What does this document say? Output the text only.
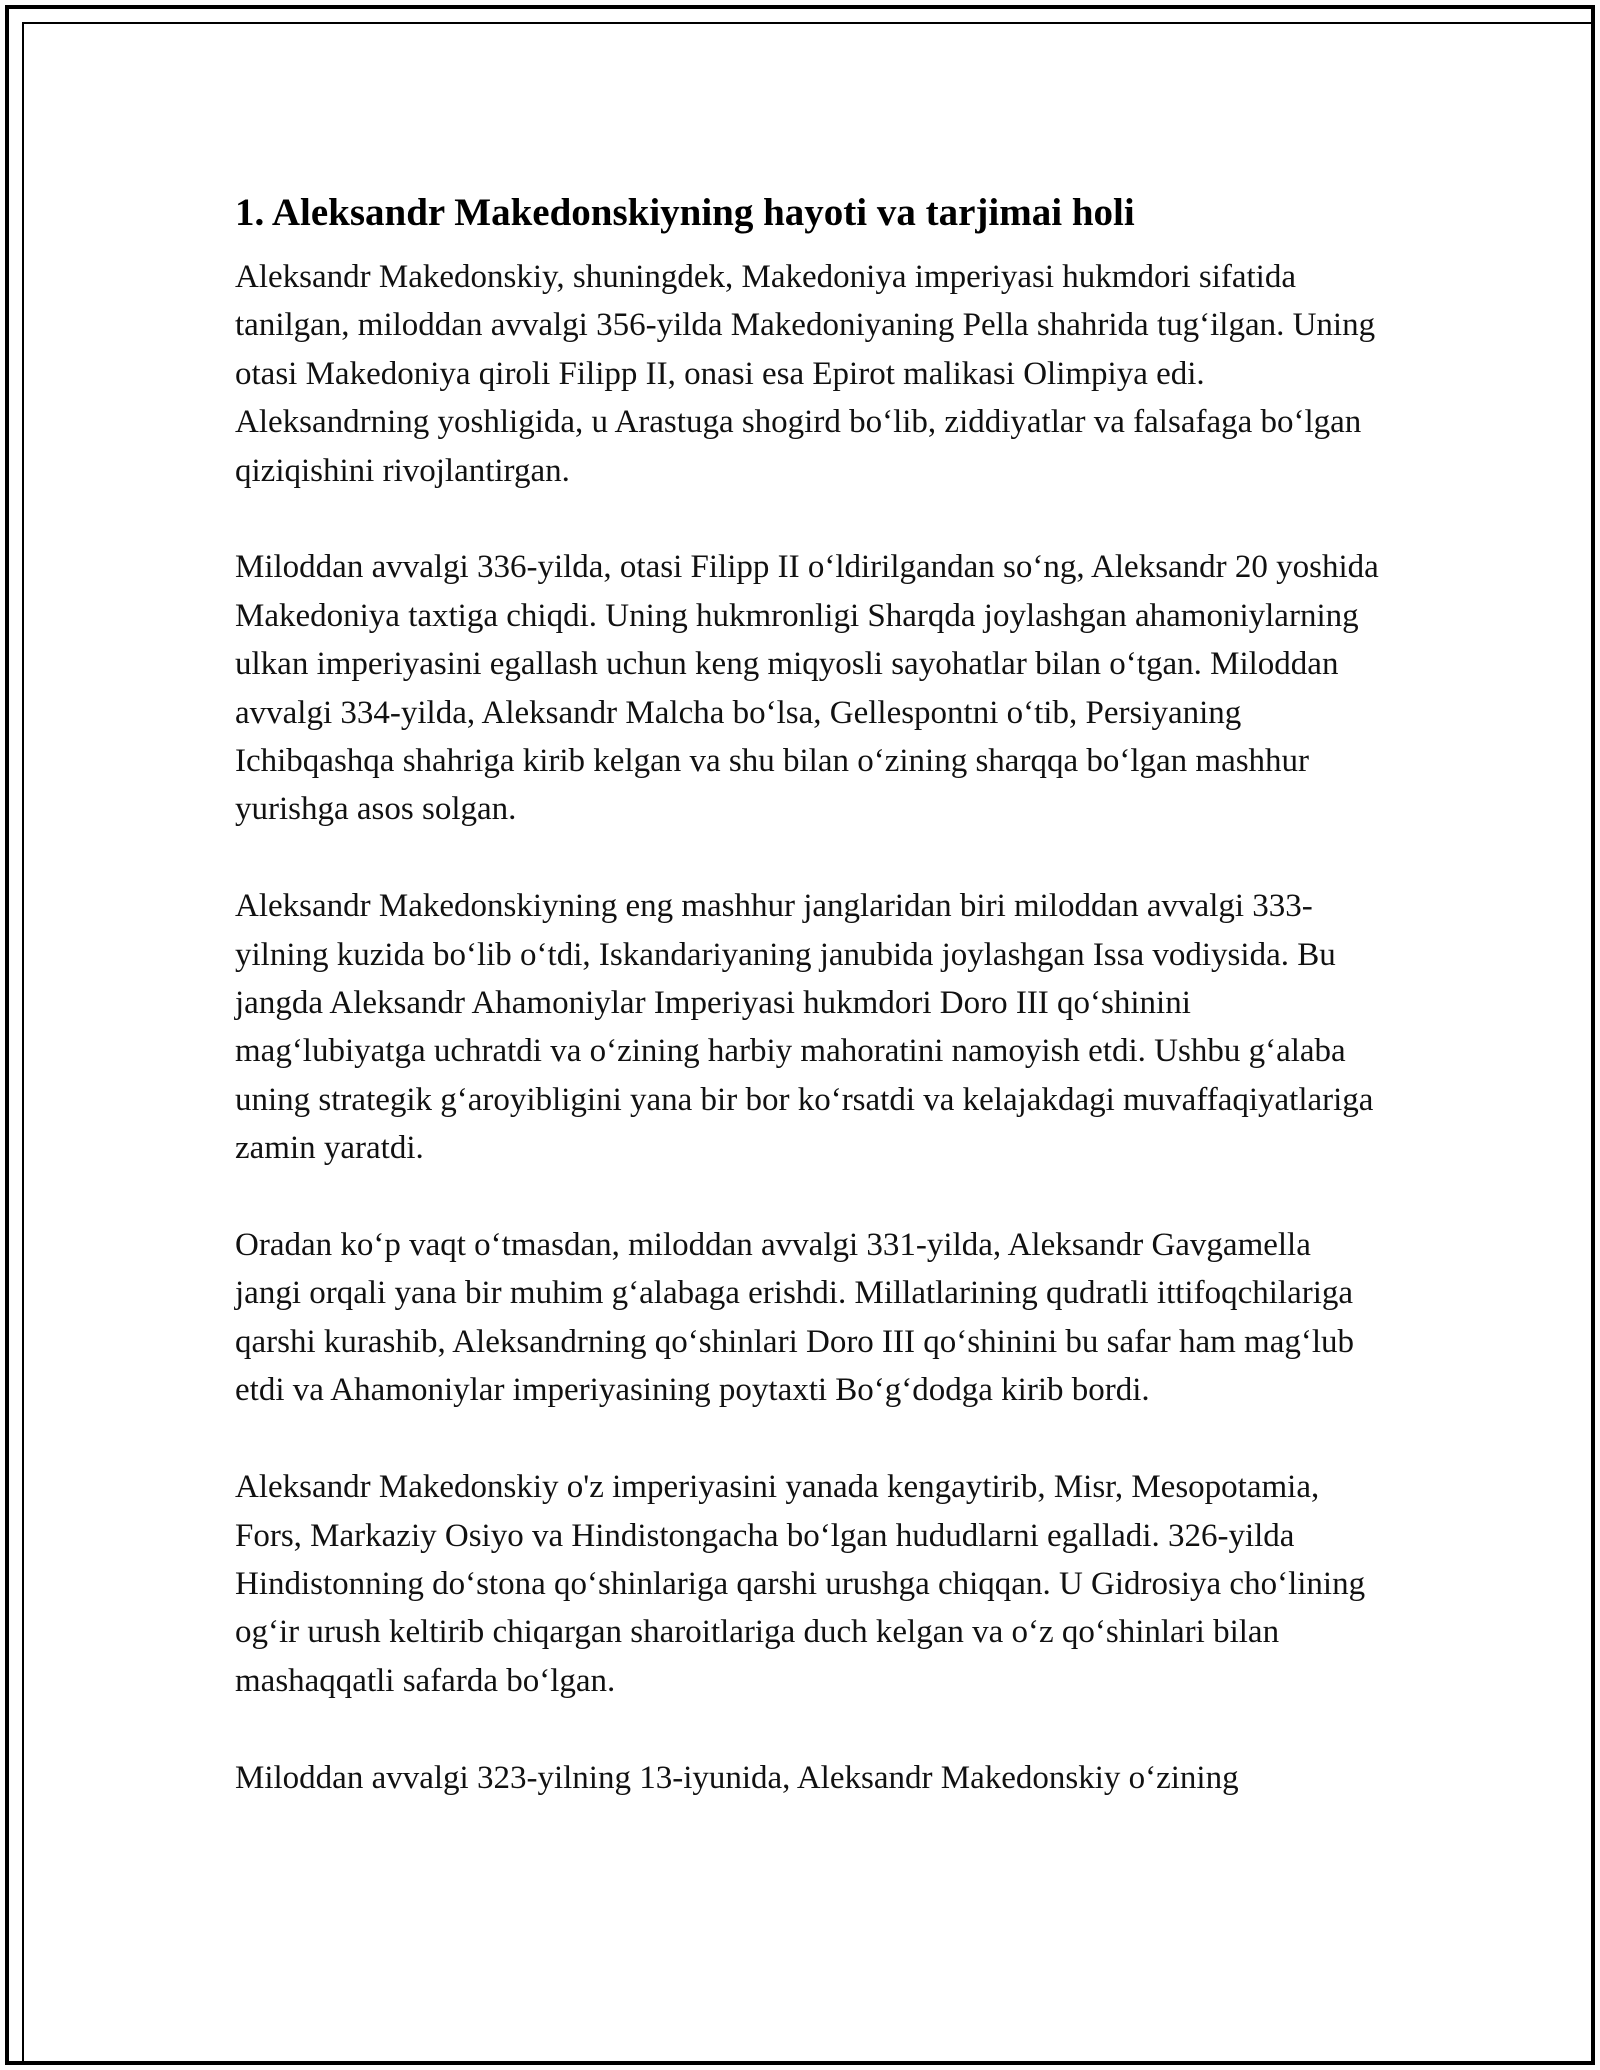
1. Aleksandr Makedonskiyning hayoti va tarjimai holi

Aleksandr Makedonskiy, shuningdek, Makedoniya imperiyasi hukmdori sifatida tanilgan, miloddan avvalgi 356-yilda Makedoniyaning Pella shahrida tug‘ilgan. Uning otasi Makedoniya qiroli Filipp II, onasi esa Epirot malikasi Olimpiya edi. Aleksandrning yoshligida, u Arastuga shogird bo‘lib, ziddiyatlar va falsafaga bo‘lgan qiziqishini rivojlantirgan.

Miloddan avvalgi 336-yilda, otasi Filipp II o‘ldirilgandan so‘ng, Aleksandr 20 yoshida Makedoniya taxtiga chiqdi. Uning hukmronligi Sharqda joylashgan ahamoniylarning ulkan imperiyasini egallash uchun keng miqyosli sayohatlar bilan o‘tgan. Miloddan avvalgi 334-yilda, Aleksandr Malcha bo‘lsa, Gellespontni o‘tib, Persiyaning Ichibqashqa shahriga kirib kelgan va shu bilan o‘zining sharqqa bo‘lgan mashhur yurishga asos solgan.

Aleksandr Makedonskiyning eng mashhur janglaridan biri miloddan avvalgi 333-yilning kuzida bo‘lib o‘tdi, Iskandariyaning janubida joylashgan Issa vodiysida. Bu jangda Aleksandr Ahamoniylar Imperiyasi hukmdori Doro III qo‘shinini mag‘lubiyatga uchratdi va o‘zining harbiy mahoratini namoyish etdi. Ushbu g‘alaba uning strategik g‘aroyibligini yana bir bor ko‘rsatdi va kelajakdagi muvaffaqiyatlariga zamin yaratdi.

Oradan ko‘p vaqt o‘tmasdan, miloddan avvalgi 331-yilda, Aleksandr Gavgamella jangi orqali yana bir muhim g‘alabaga erishdi. Millatlarining qudratli ittifoqchilariga qarshi kurashib, Aleksandrning qo‘shinlari Doro III qo‘shinini bu safar ham mag‘lub etdi va Ahamoniylar imperiyasining poytaxti Bo‘g‘dodga kirib bordi.

Aleksandr Makedonskiy o'z imperiyasini yanada kengaytirib, Misr, Mesopotamia, Fors, Markaziy Osiyo va Hindistongacha bo‘lgan hududlarni egalladi. 326-yilda Hindistonning do‘stona qo‘shinlariga qarshi urushga chiqqan. U Gidrosiya cho‘lining og‘ir urush keltirib chiqargan sharoitlariga duch kelgan va o‘z qo‘shinlari bilan mashaqqatli safarda bo‘lgan.

Miloddan avvalgi 323-yilning 13-iyunida, Aleksandr Makedonskiy o‘zining
